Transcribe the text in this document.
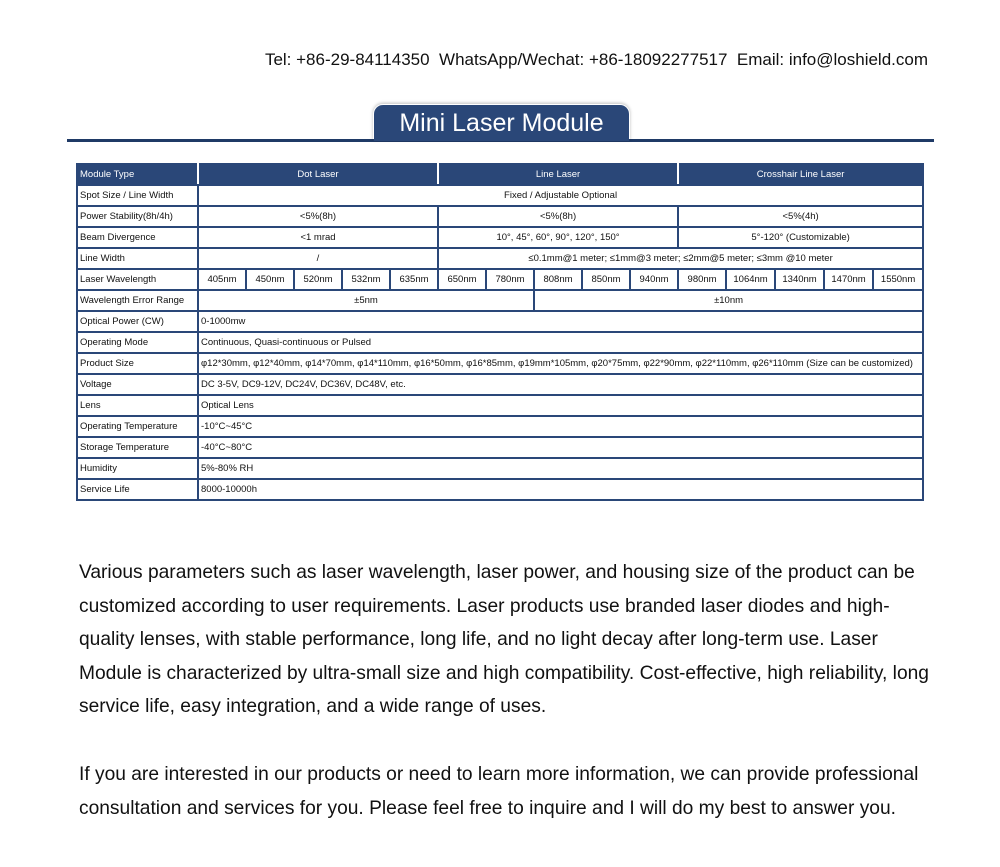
Tel: +86-29-84114350  WhatsApp/Wechat: +86-18092277517  Email: info@loshield.com
Mini Laser Module
Module Type	Dot Laser					Line Laser					Crosshair Line Laser				
Spot Size / Line Width	Fixed / Adjustable Optional														
Power Stability(8h/4h)	<5%(8h)					<5%(8h)					<5%(4h)				
Beam Divergence	<1 mrad					10°, 45°, 60°, 90°, 120°, 150°					5°-120° (Customizable)				
Line Width	/					≤0.1mm@1 meter; ≤1mm@3 meter; ≤2mm@5 meter; ≤3mm @10 meter									
Laser Wavelength	405nm	450nm	520nm	532nm	635nm	650nm	780nm	808nm	850nm	940nm	980nm	1064nm	1340nm	1470nm	1550nm
Wavelength Error Range	±5nm							±10nm							
Optical Power (CW)	0-1000mw														
Operating Mode	Continuous, Quasi-continuous or Pulsed														
Product Size	φ12*30mm, φ12*40mm, φ14*70mm, φ14*110mm, φ16*50mm, φ16*85mm, φ19mm*105mm, φ20*75mm, φ22*90mm, φ22*110mm, φ26*110mm (Size can be customized)														
Voltage	DC 3-5V, DC9-12V, DC24V, DC36V, DC48V, etc.														
Lens	Optical Lens														
Operating Temperature	-10°C~45°C														
Storage Temperature	-40°C~80°C														
Humidity	5%-80% RH														
Service Life	8000-10000h														

Various parameters such as laser wavelength, laser power, and housing size of the product can be customized according to user requirements. Laser products use branded laser diodes and high-quality lenses, with stable performance, long life, and no light decay after long-term use. Laser Module is characterized by ultra-small size and high compatibility. Cost-effective, high reliability, long service life, easy integration, and a wide range of uses.

If you are interested in our products or need to learn more information, we can provide professional consultation and services for you. Please feel free to inquire and I will do my best to answer you.
